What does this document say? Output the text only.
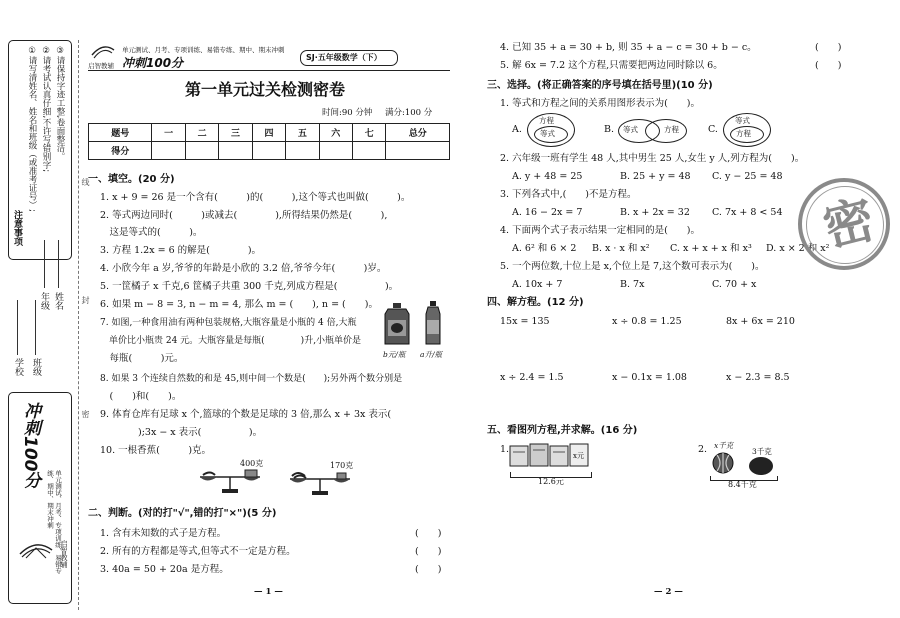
注意事项
①请写清姓名、姓名和班级（或准考证号）; ②请考试认真仔细,不许写错别字; ③请保持字迹工整,卷面整洁。
学校 班级
年级 姓名
冲刺100分
单元测试、月考、专项训练、易错专练、期中、期末冲刺
启智教辅
线
封
密
启智教辅
单元测试、月考、专项训练、易错专练、期中、期末冲刺
SJ·五年级数学（下）
冲刺100分
第一单元过关检测密卷
时间:90 分钟 满分:100 分
题号	一	二	三	四	五	六	七	总分
得分								
一、填空。(20 分)
1. x + 9 = 26 是一个含有(　　　)的(　　　),这个等式也叫做(　　　)。
2. 等式两边同时(　　　)或减去(　　　　),所得结果仍然是(　　　),
　这是等式的(　　　)。
3. 方程 1.2x = 6 的解是(　　　　)。
4. 小欣今年 a 岁,爷爷的年龄是小欣的 3.2 倍,爷爷今年(　　　)岁。
5. 一筐橘子 x 千克,6 筐橘子共重 300 千克,列成方程是(　　　　　)。
6. 如果 m − 8 = 3, n − m = 4, 那么 m = (　　), n = (　　)。
7. 如图,一种食用油有两种包装规格,大瓶容量是小瓶的 4 倍,大瓶
　单价比小瓶贵 24 元。大瓶容量是每瓶(　　　　)升,小瓶单价是
　每瓶(　　　)元。
8. 如果 3 个连续自然数的和是 45,则中间一个数是(　　);另外两个数分别是
　(　　)和(　　)。
9. 体育仓库有足球 x 个,篮球的个数是足球的 3 倍,那么 x + 3x 表示(
　　　　);3x − x 表示(　　　　　)。
10. 一根香蕉(　　　)克。
b元/瓶 a升/瓶
400克	170克
二、判断。(对的打"√",错的打"×")(5 分)
1. 含有未知数的式子是方程。	(　　)
2. 所有的方程都是等式,但等式不一定是方程。	(　　)
3. 40a = 50 + 20a 是方程。	(　　)
— 1 —
4. 已知 35 + a = 30 + b, 则 35 + a − c = 30 + b − c。	(　　)
5. 解 6x = 7.2 这个方程,只需要把两边同时除以 6。	(　　)
三、选择。(将正确答案的序号填在括号里)(10 分)
1. 等式和方程之间的关系用图形表示为(　　)。
A.
方程
等式	B. 等式	方程	C.
等式
方程
2. 六年级一班有学生 48 人,其中男生 25 人,女生 y 人,列方程为(　　)。
A. y + 48 = 25	B. 25 + y = 48 C. y − 25 = 48
3. 下列各式中,(　　)不是方程。
A. 16 − 2x = 7	B. x + 2x = 32 C. 7x + 8 < 54
4. 下面两个式子表示结果一定相同的是(　　)。
A. 6² 和 6 × 2 B. x · x 和 x² C. x + x + x 和 x³ D. x × 2 和 x²
5. 一个两位数,十位上是 x,个位上是 7,这个数可表示为(　　)。
A. 10x + 7	B. 7x	C. 70 + x
四、解方程。(12 分)
15x = 135	x ÷ 0.8 = 1.25	8x + 6x = 210
x ÷ 2.4 = 1.5	x − 0.1x = 1.08	x − 2.3 = 8.5
五、看图列方程,并求解。(16 分)
1.
x元
12.6元
2. x千克
3千克
8.4千克
— 2 —
密
